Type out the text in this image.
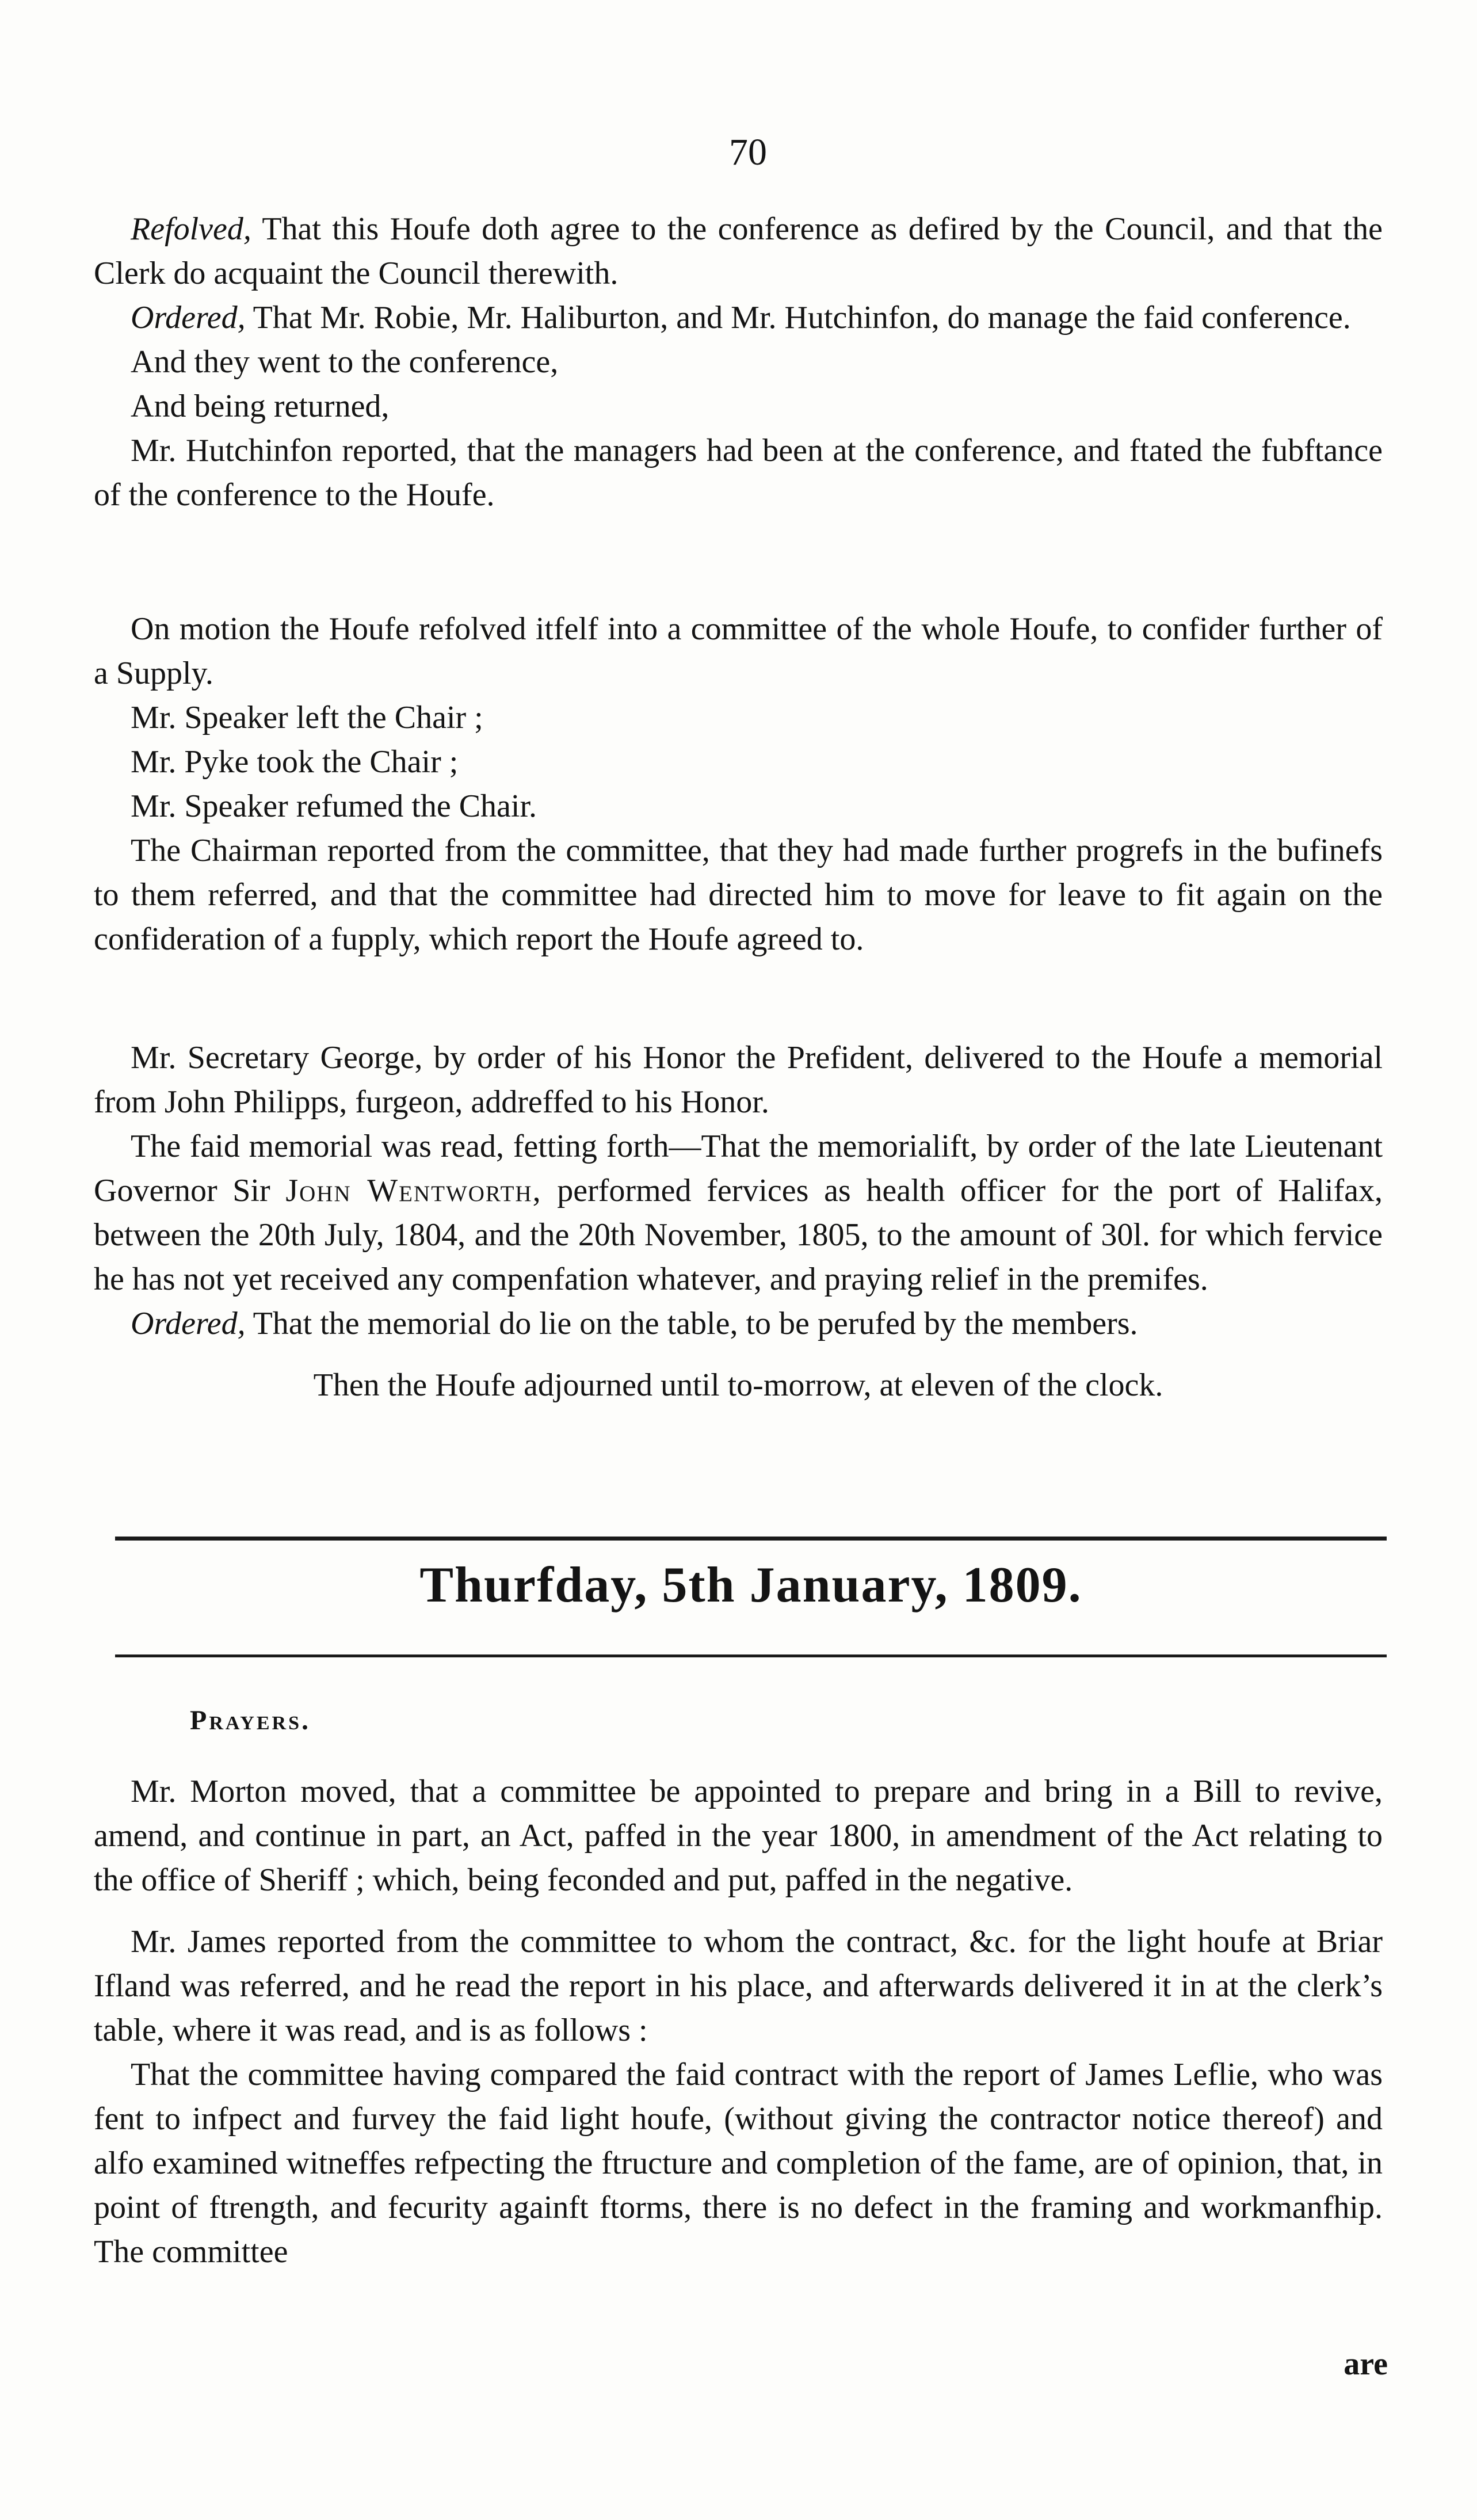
70

Refolved, That this Houfe doth agree to the conference as defired by the Council, and that the Clerk do acquaint the Council therewith.

Ordered, That Mr. Robie, Mr. Haliburton, and Mr. Hutchinfon, do manage the faid conference.

And they went to the conference,

And being returned,

Mr. Hutchinfon reported, that the managers had been at the conference, and ftated the fubftance of the conference to the Houfe.

On motion the Houfe refolved itfelf into a committee of the whole Houfe, to confider further of a Supply.

Mr. Speaker left the Chair ;

Mr. Pyke took the Chair ;

Mr. Speaker refumed the Chair.

The Chairman reported from the committee, that they had made further progrefs in the bufinefs to them referred, and that the committee had directed him to move for leave to fit again on the confideration of a fupply, which report the Houfe agreed to.

Mr. Secretary George, by order of his Honor the Prefident, delivered to the Houfe a memorial from John Philipps, furgeon, addreffed to his Honor.

The faid memorial was read, fetting forth—That the memorialift, by order of the late Lieutenant Governor Sir John Wentworth, performed fervices as health officer for the port of Halifax, between the 20th July, 1804, and the 20th November, 1805, to the amount of 30l. for which fervice he has not yet received any compenfation whatever, and praying relief in the premifes.

Ordered, That the memorial do lie on the table, to be perufed by the members.

Then the Houfe adjourned until to-morrow, at eleven of the clock.

Mr. Morton moved, that a committee be appointed to prepare and bring in a Bill to revive, amend, and continue in part, an Act, paffed in the year 1800, in amendment of the Act relating to the office of Sheriff ; which, being feconded and put, paffed in the negative.

Mr. James reported from the committee to whom the contract, &c. for the light houfe at Briar Ifland was referred, and he read the report in his place, and afterwards delivered it in at the clerk’s table, where it was read, and is as follows :

That the committee having compared the faid contract with the report of James Leflie, who was fent to infpect and furvey the faid light houfe, (without giving the contractor notice thereof) and alfo examined witneffes refpecting the ftructure and completion of the fame, are of opinion, that, in point of ftrength, and fecurity againft ftorms, there is no defect in the framing and workmanfhip. The committee

Thurfday, 5th January, 1809.
Prayers.
are
